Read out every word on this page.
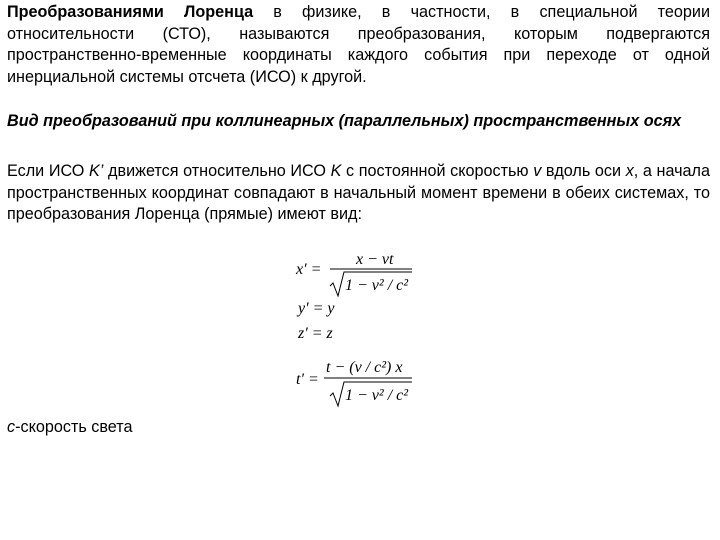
Преобразованиями Лоренца в физике, в частности, в специальной теории относительности (СТО), называются преобразования, которым подвергаются пространственно-временные координаты каждого события при переходе от одной инерциальной системы отсчета (ИСО) к другой.
Вид преобразований при коллинеарных (параллельных) пространственных осях
Если ИСО K’ движется относительно ИСО K с постоянной скоростью v вдоль оси x, а начала пространственных координат совпадают в начальный момент времени в обеих системах, то преобразования Лоренца (прямые) имеют вид:
x′ =
x − vt
1 − v² / c²
y′ = y
z′ = z
t′ =
t − (v / c²) x
1 − v² / c²
c-скорость света
